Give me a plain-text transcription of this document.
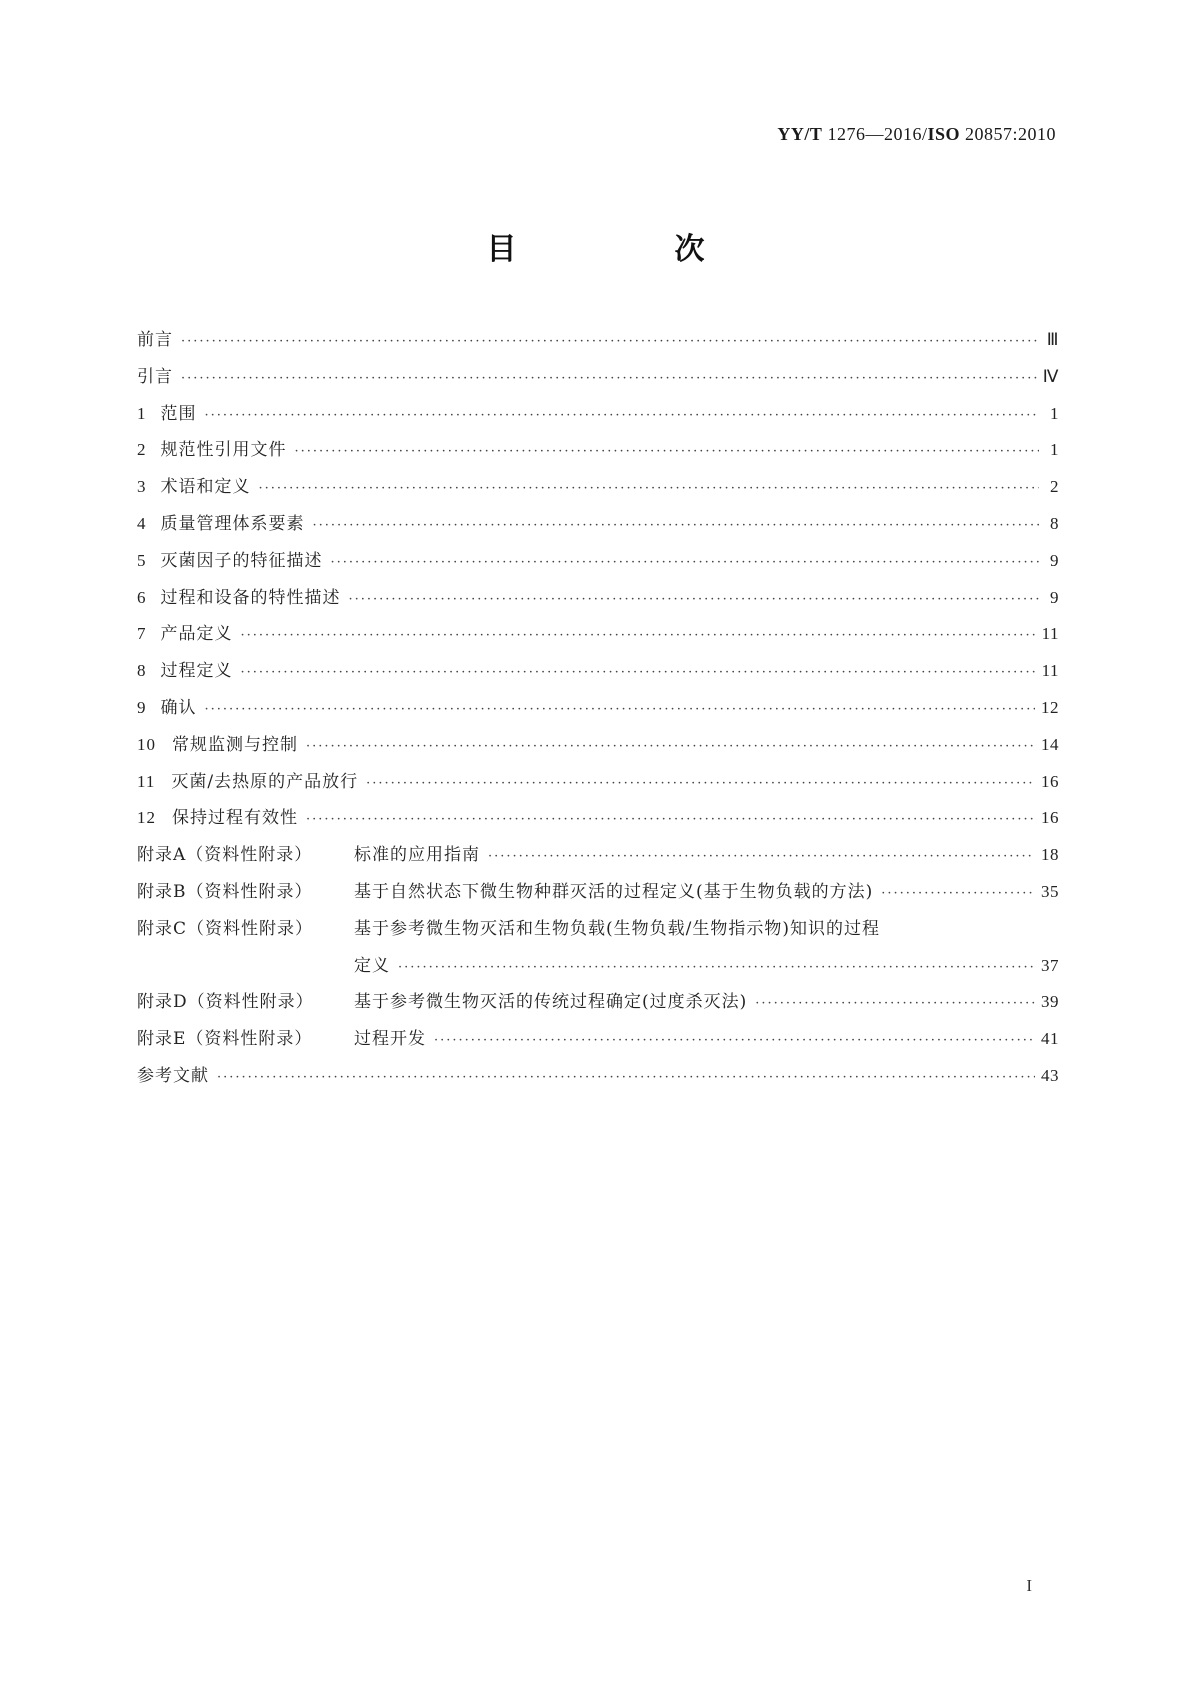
YY/T 1276—2016/ISO 20857:2010
目　次
前言 ·····	Ⅲ
引言 ·····	Ⅳ
1 范围 ·····	1
2 规范性引用文件 ·····	1
3 术语和定义 ·····	2
4 质量管理体系要素 ·····	8
5 灭菌因子的特征描述 ·····	9
6 过程和设备的特性描述 ·····	9
7 产品定义 ·····	11
8 过程定义 ·····	11
9 确认 ·····	12
10 常规监测与控制 ·····	14
11 灭菌/去热原的产品放行 ·····	16
12 保持过程有效性 ·····	16
附录A（资料性附录） 标准的应用指南 ·····	18
附录B（资料性附录） 基于自然状态下微生物种群灭活的过程定义(基于生物负载的方法) ·····	35
附录C（资料性附录） 基于参考微生物灭活和生物负载(生物负载/生物指示物)知识的过程
定义 ·····	37
附录D（资料性附录） 基于参考微生物灭活的传统过程确定(过度杀灭法) ·····	39
附录E（资料性附录） 过程开发 ·····	41
参考文献 ·····	43
I
